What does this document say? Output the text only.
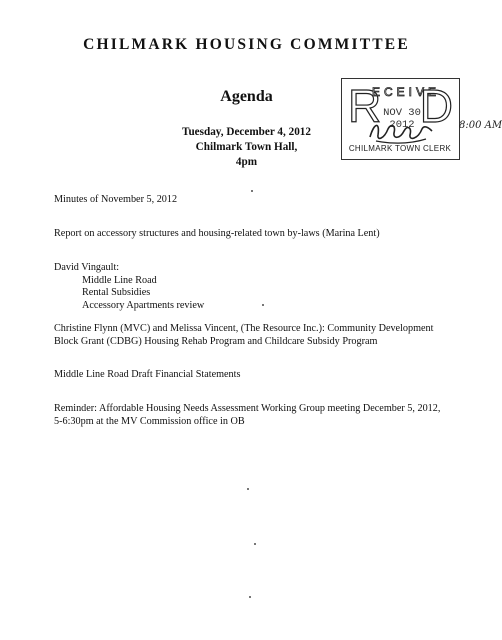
CHILMARK HOUSING COMMITTEE
Agenda
Tuesday, December 4, 2012
Chilmark Town Hall,
4pm
R
ECEIVE
D
NOV 30 2012
CHILMARK TOWN CLERK
8:00 AM
Minutes of November 5, 2012
Report on accessory structures and housing-related town by-laws (Marina Lent)
David Vingault:
Middle Line Road
Rental Subsidies
Accessory Apartments review
Christine Flynn (MVC) and Melissa Vincent, (The Resource Inc.): Community Development
Block Grant (CDBG) Housing Rehab Program and Childcare Subsidy Program
Middle Line Road Draft Financial Statements
Reminder: Affordable Housing Needs Assessment Working Group meeting December 5, 2012,
5-6:30pm at the MV Commission office in OB
